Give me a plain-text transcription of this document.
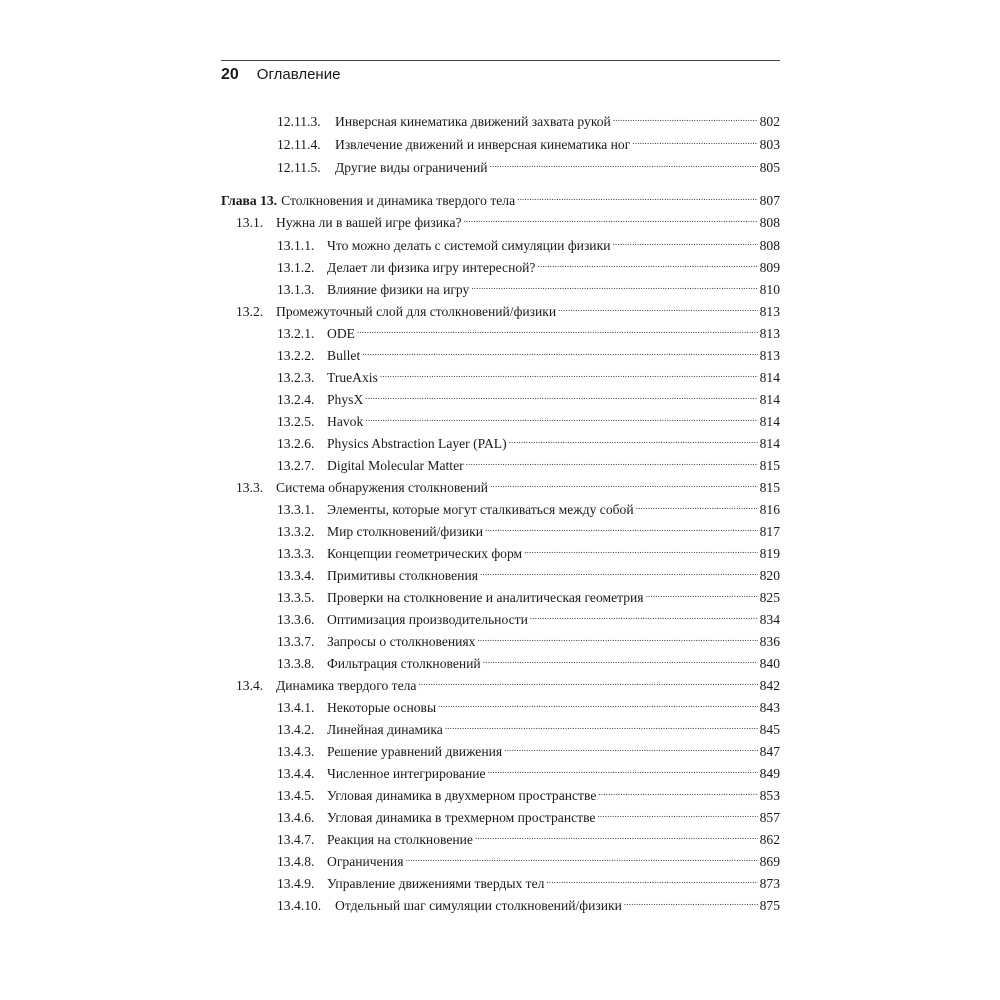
20 Оглавление
12.11.3.	Инверсная кинематика движений захвата рукой .....	802
12.11.4.	Извлечение движений и инверсная кинематика ног .....	803
12.11.5.	Другие виды ограничений .....	805
Глава 13. Столкновения и динамика твердого тела .....	807
13.1. Нужна ли в вашей игре физика? .....	808
13.1.1. Что можно делать с системой симуляции физики .....	808
13.1.2. Делает ли физика игру интересной? .....	809
13.1.3. Влияние физики на игру .....	810
13.2. Промежуточный слой для столкновений/физики .....	813
13.2.1. ODE .....	813
13.2.2. Bullet .....	813
13.2.3. TrueAxis .....	814
13.2.4. PhysX .....	814
13.2.5. Havok .....	814
13.2.6. Physics Abstraction Layer (PAL) .....	814
13.2.7. Digital Molecular Matter .....	815
13.3. Система обнаружения столкновений .....	815
13.3.1. Элементы, которые могут сталкиваться между собой .....	816
13.3.2. Мир столкновений/физики .....	817
13.3.3. Концепции геометрических форм .....	819
13.3.4. Примитивы столкновения .....	820
13.3.5. Проверки на столкновение и аналитическая геометрия .....	825
13.3.6. Оптимизация производительности .....	834
13.3.7. Запросы о столкновениях .....	836
13.3.8. Фильтрация столкновений .....	840
13.4. Динамика твердого тела .....	842
13.4.1. Некоторые основы .....	843
13.4.2. Линейная динамика .....	845
13.4.3. Решение уравнений движения .....	847
13.4.4. Численное интегрирование .....	849
13.4.5. Угловая динамика в двухмерном пространстве .....	853
13.4.6. Угловая динамика в трехмерном пространстве .....	857
13.4.7. Реакция на столкновение .....	862
13.4.8. Ограничения .....	869
13.4.9. Управление движениями твердых тел .....	873
13.4.10.	Отдельный шаг симуляции столкновений/физики .....	875
